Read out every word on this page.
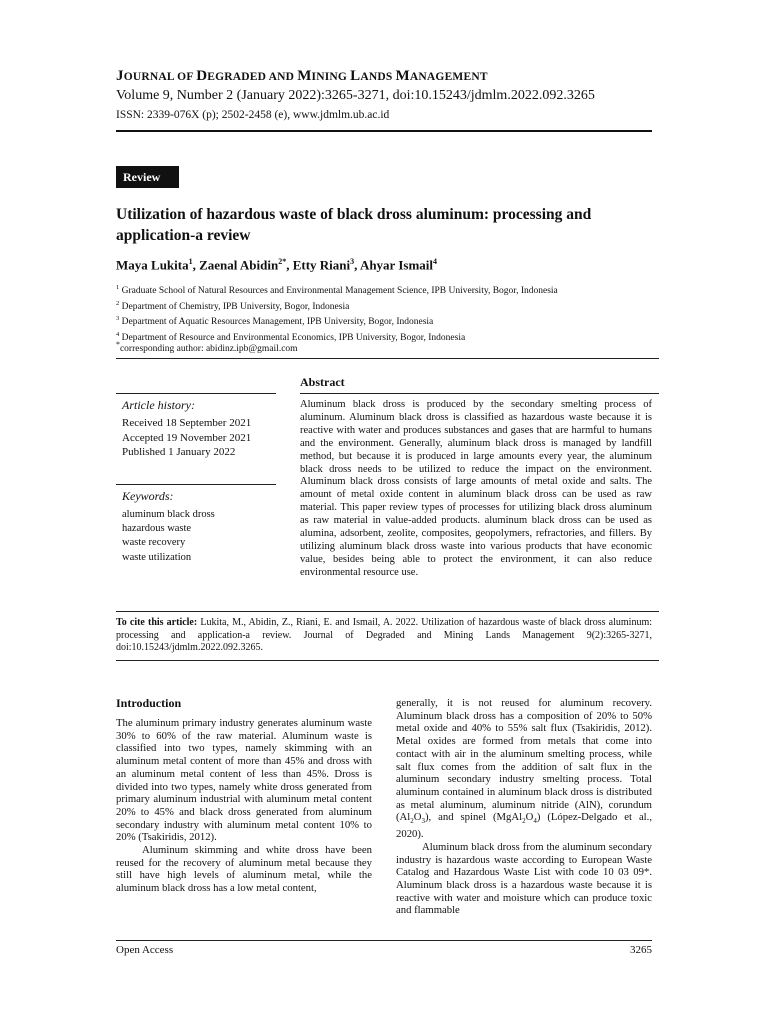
JOURNAL OF DEGRADED AND MINING LANDS MANAGEMENT
Volume 9, Number 2 (January 2022):3265-3271, doi:10.15243/jdmlm.2022.092.3265
ISSN: 2339-076X (p); 2502-2458 (e), www.jdmlm.ub.ac.id
Review
Utilization of hazardous waste of black dross aluminum: processing and application-a review
Maya Lukita$^1$, Zaenal Abidin$^{2*}$, Etty Riani$^3$, Ahyar Ismail$^4$
$^1$ Graduate School of Natural Resources and Environmental Management Science, IPB University, Bogor, Indonesia
$^2$ Department of Chemistry, IPB University, Bogor, Indonesia
$^3$ Department of Aquatic Resources Management, IPB University, Bogor, Indonesia
$^4$ Department of Resource and Environmental Economics, IPB University, Bogor, Indonesia
*corresponding author: abidinz.ipb@gmail.com
Abstract
Aluminum black dross is produced by the secondary smelting process of aluminum. Aluminum black dross is classified as hazardous waste because it is reactive with water and produces substances and gases that are harmful to humans and the environment. Generally, aluminum black dross is managed by landfill method, but because it is produced in large amounts every year, the aluminum black dross needs to be utilized to reduce the impact on the environment. Aluminum black dross consists of large amounts of metal oxide and salts. The amount of metal oxide content in aluminum black dross can be used as raw material. This paper review types of processes for utilizing black dross aluminum as raw material in value-added products. aluminum black dross can be used as alumina, adsorbent, zeolite, composites, geopolymers, refractories, and fillers. By utilizing aluminum black dross waste into various products that have economic value, besides being able to protect the environment, it can also reduce environmental resource use.
Article history:
Received 18 September 2021
Accepted 19 November 2021
Published 1 January 2022
Keywords:
aluminum black dross
hazardous waste
waste recovery
waste utilization
To cite this article: Lukita, M., Abidin, Z., Riani, E. and Ismail, A. 2022. Utilization of hazardous waste of black dross aluminum: processing and application-a review. Journal of Degraded and Mining Lands Management 9(2):3265-3271, doi:10.15243/jdmlm.2022.092.3265.
Introduction

The aluminum primary industry generates aluminum waste 30% to 60% of the raw material. Aluminum waste is classified into two types, namely skimming with an aluminum metal content of more than 45% and dross with an aluminum metal content of less than 45%. Dross is divided into two types, namely white dross generated from primary aluminum industrial with aluminum metal content 20% to 45% and black dross generated from aluminum secondary industry with aluminum metal content 10% to 20% (Tsakiridis, 2012).

Aluminum skimming and white dross have been reused for the recovery of aluminum metal because they still have high levels of aluminum metal, while the aluminum black dross has a low metal content,

generally, it is not reused for aluminum recovery. Aluminum black dross has a composition of 20% to 50% metal oxide and 40% to 55% salt flux (Tsakiridis, 2012). Metal oxides are formed from metals that come into contact with air in the aluminum smelting process, while salt flux comes from the addition of salt flux in the aluminum secondary industry smelting process. Total aluminum contained in aluminum black dross is distributed as metal aluminum, aluminum nitride (AlN), corundum $(Al_2O_3)$, and spinel $(MgAl_2O_4)$ (López-Delgado et al., 2020).

Aluminum black dross from the aluminum secondary industry is hazardous waste according to European Waste Catalog and Hazardous Waste List with code 10 03 09*. Aluminum black dross is a hazardous waste because it is reactive with water and moisture which can produce toxic and flammable

Open Access	3265
